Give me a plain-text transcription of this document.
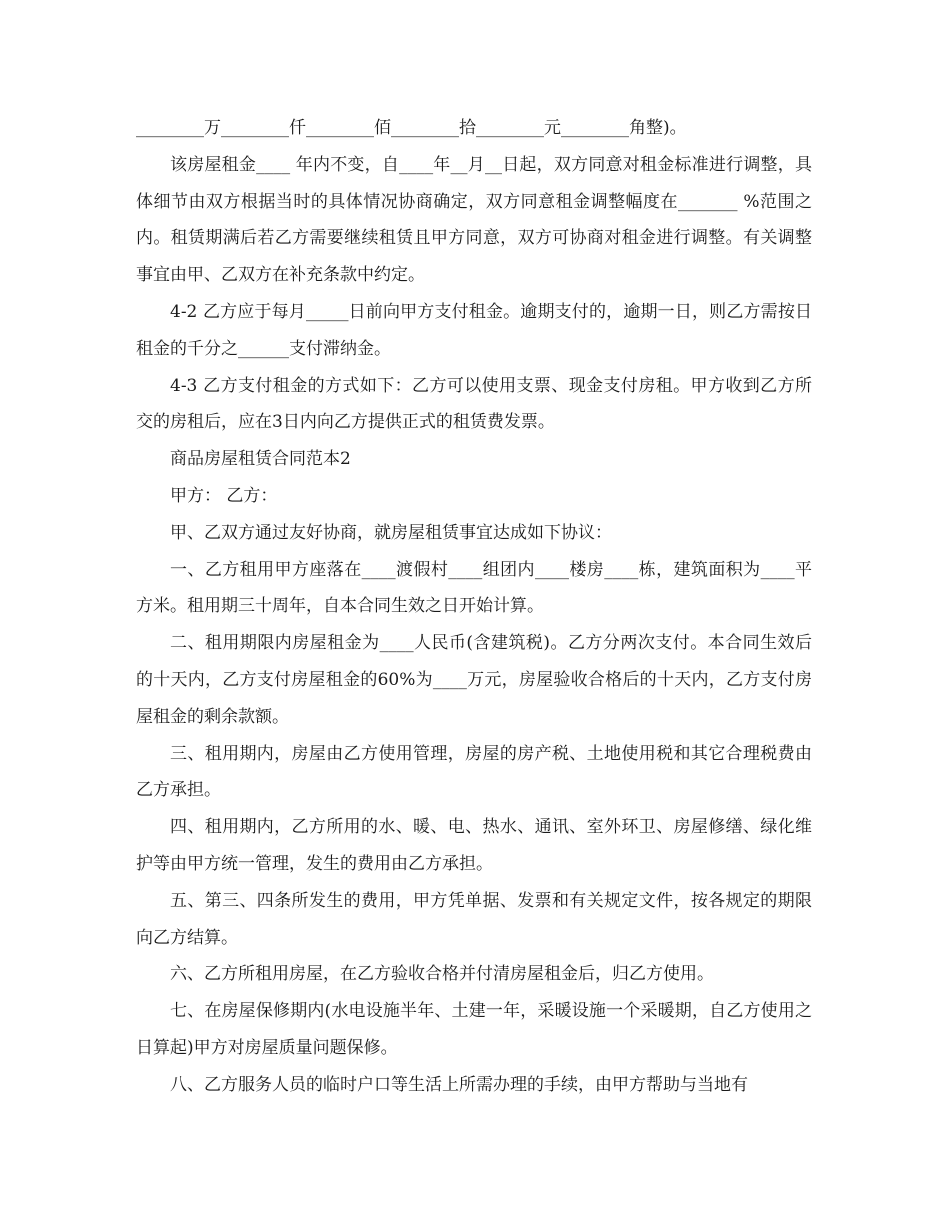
________万________仟________佰________拾________元________角整)。

该房屋租金____ 年内不变，自____年__月__日起，双方同意对租金标准进行调整，具体细节由双方根据当时的具体情况协商确定，双方同意租金调整幅度在_______ %范围之内。租赁期满后若乙方需要继续租赁且甲方同意，双方可协商对租金进行调整。有关调整事宜由甲、乙双方在补充条款中约定。

4-2 乙方应于每月_____日前向甲方支付租金。逾期支付的，逾期一日，则乙方需按日租金的千分之______支付滞纳金。

4-3 乙方支付租金的方式如下：乙方可以使用支票、现金支付房租。甲方收到乙方所交的房租后，应在3日内向乙方提供正式的租赁费发票。

商品房屋租赁合同范本2

甲方： 乙方：

甲、乙双方通过友好协商，就房屋租赁事宜达成如下协议：

一、乙方租用甲方座落在____渡假村____组团内____楼房____栋，建筑面积为____平方米。租用期三十周年，自本合同生效之日开始计算。

二、租用期限内房屋租金为____人民币(含建筑税)。乙方分两次支付。本合同生效后的十天内，乙方支付房屋租金的60%为____万元，房屋验收合格后的十天内，乙方支付房屋租金的剩余款额。

三、租用期内，房屋由乙方使用管理，房屋的房产税、土地使用税和其它合理税费由乙方承担。

四、租用期内，乙方所用的水、暖、电、热水、通讯、室外环卫、房屋修缮、绿化维护等由甲方统一管理，发生的费用由乙方承担。

五、第三、四条所发生的费用，甲方凭单据、发票和有关规定文件，按各规定的期限向乙方结算。

六、乙方所租用房屋，在乙方验收合格并付清房屋租金后，归乙方使用。

七、在房屋保修期内(水电设施半年、土建一年，采暖设施一个采暖期，自乙方使用之日算起)甲方对房屋质量问题保修。

八、乙方服务人员的临时户口等生活上所需办理的手续，由甲方帮助与当地有
